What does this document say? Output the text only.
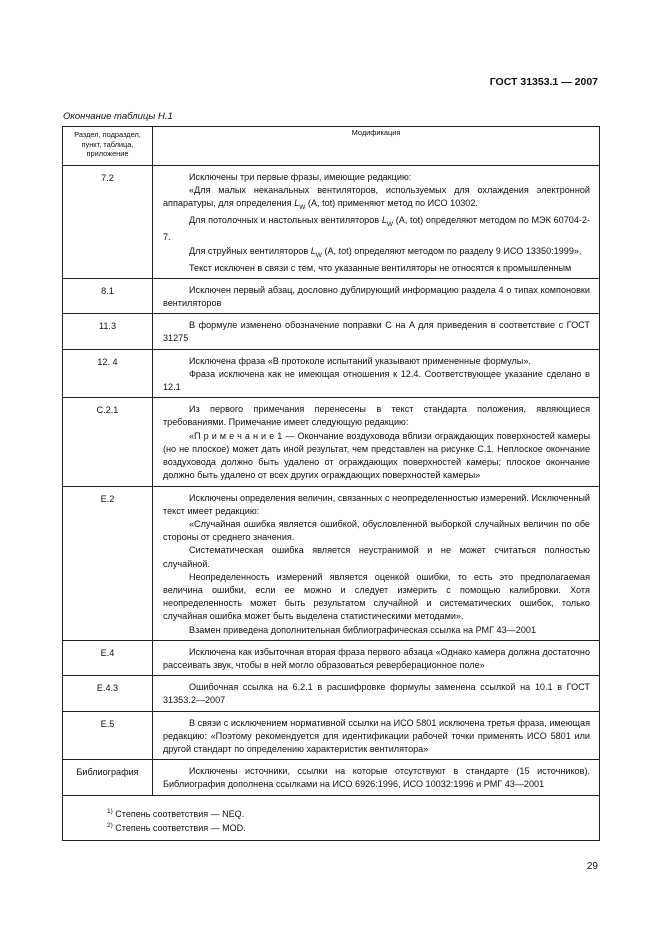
ГОСТ 31353.1 — 2007
Окончание таблицы Н.1
Раздел, подраздел, пункт, таблица, приложение	Модификация
7.2	Исключены три первые фразы, имеющие редакцию:

«Для малых неканальных вентиляторов, используемых для охлаждения электронной аппаратуры, для определения $L_W$ (A, tot) применяют метод по ИСО 10302.

Для потолочных и настольных вентиляторов $L_W$ (A, tot) определяют методом по МЭК 60704-2-7.

Для струйных вентиляторов $L_W$ (A, tot) определяют методом по разделу 9 ИСО 13350:1999».

Текст исключен в связи с тем, что указанные вентиляторы не относятся к промышленным

8.1	Исключен первый абзац, дословно дублирующий информацию раздела 4 о типах компоновки вентиляторов

11.3	В формуле изменено обозначение поправки C на A для приведения в соответствие с ГОСТ 31275

12. 4	Исключена фраза «В протоколе испытаний указывают примененные формулы».

Фраза исключена как не имеющая отношения к 12.4. Соответствующее указание сделано в 12.1

C.2.1	Из первого примечания перенесены в текст стандарта положения, являющиеся требованиями. Примечание имеет следующую редакцию:

«П р и м е ч а н и е 1 — Окончание воздуховода вблизи ограждающих поверхностей камеры (но не плоское) может дать иной результат, чем представлен на рисунке С.1. Неплоское окончание воздуховода должно быть удалено от ограждающих поверхностей камеры; плоское окончание должно быть удалено от всех других ограждающих поверхностей камеры»

Е.2	Исключены определения величин, связанных с неопределенностью измерений. Исключенный текст имеет редакцию:

«Случайная ошибка является ошибкой, обусловленной выборкой случайных величин по обе стороны от среднего значения.

Систематическая ошибка является неустранимой и не может считаться полностью случайной.

Неопределенность измерений является оценкой ошибки, то есть это предполагаемая величина ошибки, если ее можно и следует измерить с помощью калибровки. Хотя неопределенность может быть результатом случайной и систематических ошибок, только случайная ошибка может быть выделена статистическими методами».

Взамен приведена дополнительная библиографическая ссылка на РМГ 43—2001

Е.4	Исключена как избыточная вторая фраза первого абзаца «Однако камера должна достаточно рассеивать звук, чтобы в ней могло образоваться реверберационное поле»

Е.4.3	Ошибочная ссылка на 6.2.1 в расшифровке формулы заменена ссылкой на 10.1 в ГОСТ 31353.2—2007

Е.5	В связи с исключением нормативной ссылки на ИСО 5801 исключена третья фраза, имеющая редакцию: «Поэтому рекомендуется для идентификации рабочей точки применять ИСО 5801 или другой стандарт по определению характеристик вентилятора»

Библиография	Исключены источники, ссылки на которые отсутствуют в стандарте (15 источников). Библиография дополнена ссылками на ИСО 6926:1996, ИСО 10032:1996 и РМГ 43—2001

$^{1)}$ Степень соответствия — NEQ.

$^{2)}$ Степень соответствия — MOD.	

29
